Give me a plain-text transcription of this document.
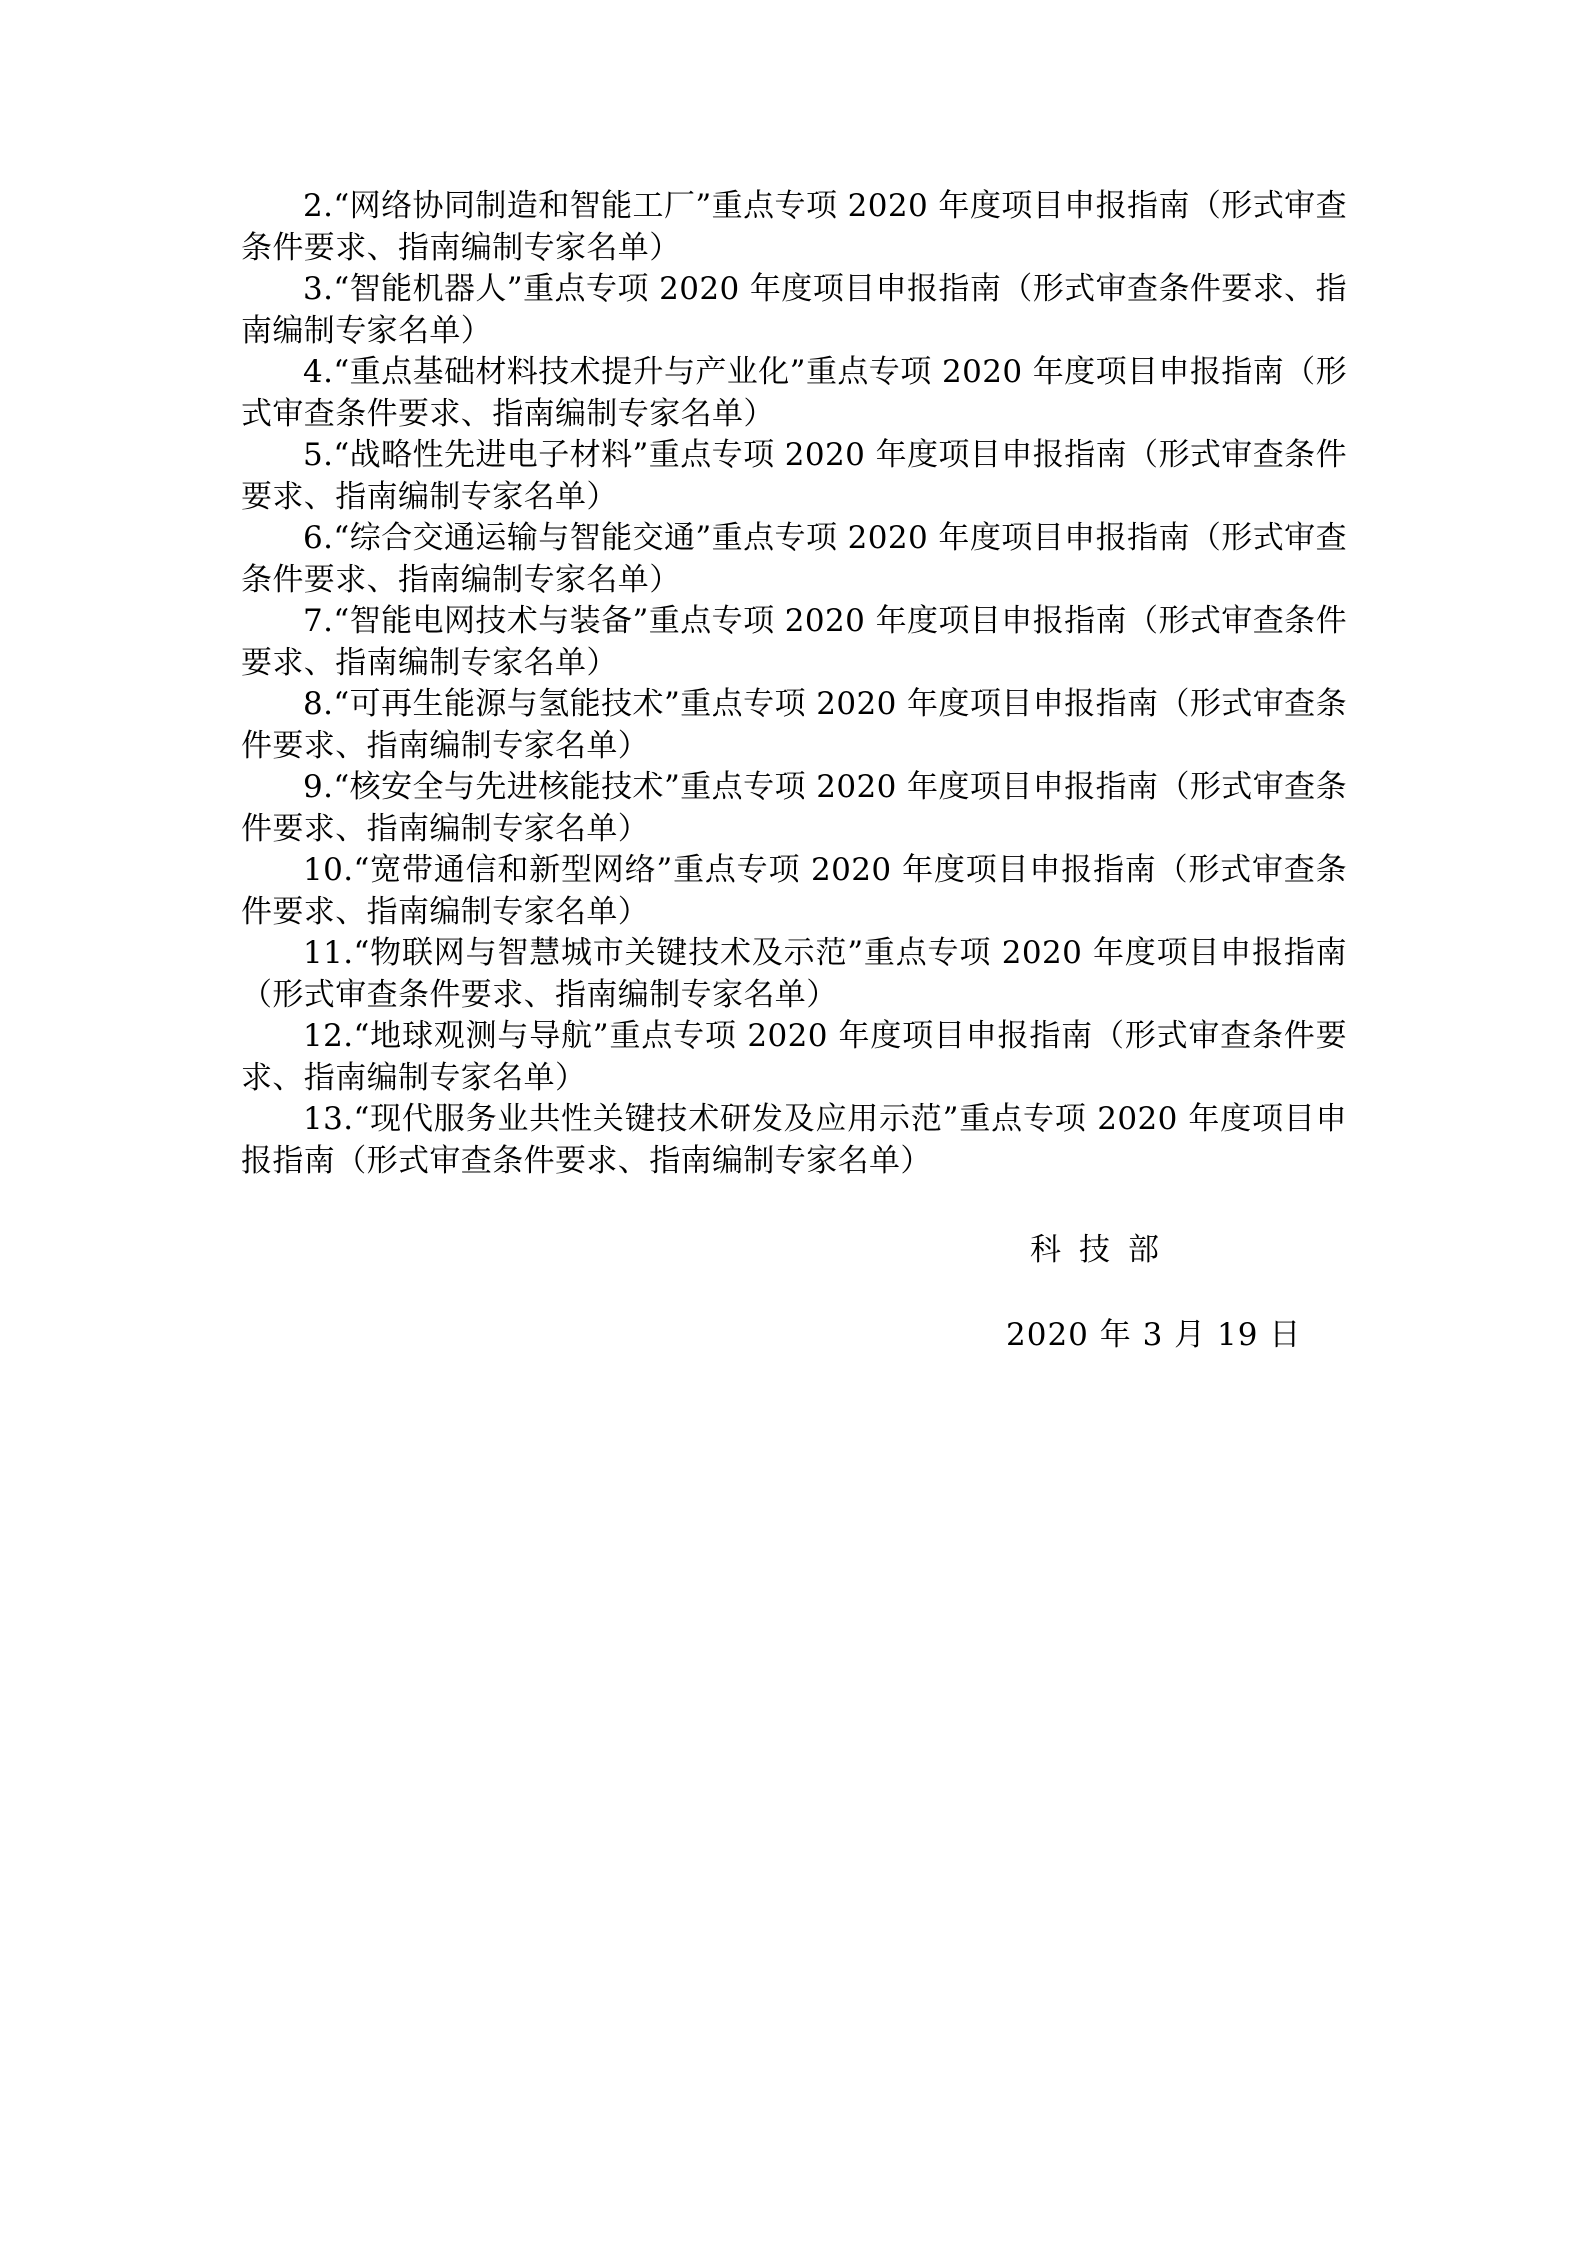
2.“网络协同制造和智能工厂”重点专项 2020 年度项目申报指南（形式审查条件要求、指南编制专家名单）

3.“智能机器人”重点专项 2020 年度项目申报指南（形式审查条件要求、指南编制专家名单）

4.“重点基础材料技术提升与产业化”重点专项 2020 年度项目申报指南（形式审查条件要求、指南编制专家名单）

5.“战略性先进电子材料”重点专项 2020 年度项目申报指南（形式审查条件要求、指南编制专家名单）

6.“综合交通运输与智能交通”重点专项 2020 年度项目申报指南（形式审查条件要求、指南编制专家名单）

7.“智能电网技术与装备”重点专项 2020 年度项目申报指南（形式审查条件要求、指南编制专家名单）

8.“可再生能源与氢能技术”重点专项 2020 年度项目申报指南（形式审查条件要求、指南编制专家名单）

9.“核安全与先进核能技术”重点专项 2020 年度项目申报指南（形式审查条件要求、指南编制专家名单）

10.“宽带通信和新型网络”重点专项 2020 年度项目申报指南（形式审查条件要求、指南编制专家名单）

11.“物联网与智慧城市关键技术及示范”重点专项 2020 年度项目申报指南（形式审查条件要求、指南编制专家名单）

12.“地球观测与导航”重点专项 2020 年度项目申报指南（形式审查条件要求、指南编制专家名单）

13.“现代服务业共性关键技术研发及应用示范”重点专项 2020 年度项目申报指南（形式审查条件要求、指南编制专家名单）

科技部
2020 年 3 月 19 日
